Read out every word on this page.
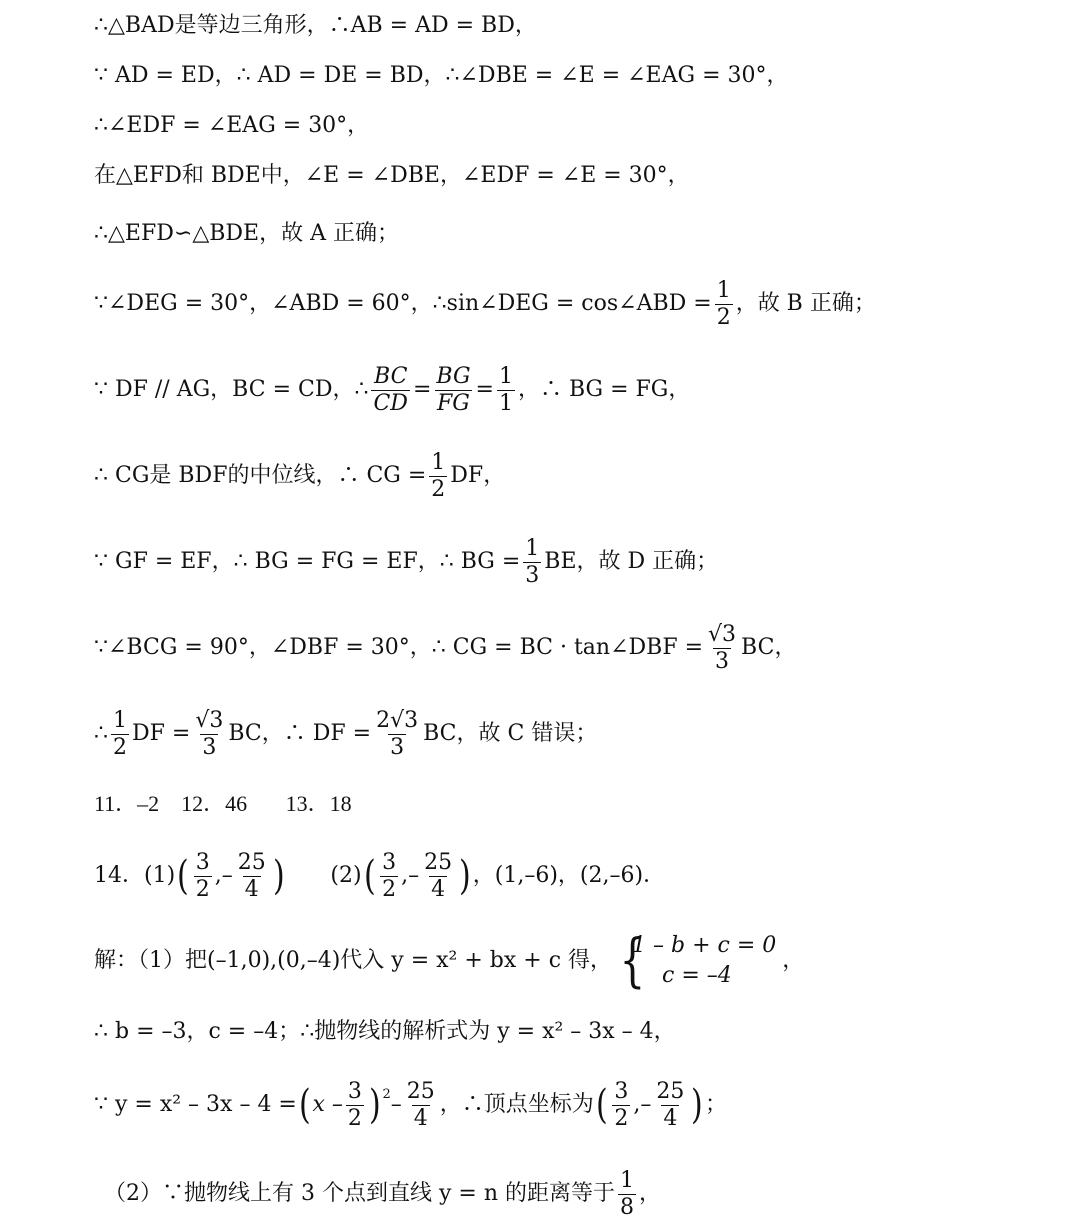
∴△BAD是等边三角形，∴AB = AD = BD，
∵ AD = ED，∴ AD = DE = BD，∴∠DBE = ∠E = ∠EAG = 30°，
∴∠EDF = ∠EAG = 30°，
在△EFD和 BDE中，∠E = ∠DBE，∠EDF = ∠E = 30°，
∴△EFD∽△BDE，故 A 正确；
∵∠DEG = 30°，∠ABD = 60°，∴sin∠DEG = cos∠ABD = $\frac{1}{2}$ ，故 B 正确；
∵ DF // AG，BC = CD，∴ $\frac{BC}{CD} = \frac{BG}{FG} = \frac{1}{1}$ ，∴ BG = FG，
∴ CG是 BDF的中位线，∴ CG = $\frac{1}{2}$ DF，
∵ GF = EF，∴ BG = FG = EF，∴ BG = $\frac{1}{3}$ BE，故 D 正确；
∵∠BCG = 90°，∠DBF = 30°，∴ CG = BC · tan∠DBF = $\frac{√3}{3}$ BC，
∴ $\frac{1}{2}$ DF = $\frac{√3}{3}$ BC，∴ DF = $\frac{2√3}{3}$ BC，故 C 错误；
11．–2    12．46       13．18
14．(1) ( $\frac{3}{2}$ ,– $\frac{25}{4}$ ) (2) ( $\frac{3}{2}$ ,– $\frac{25}{4}$ ) ，(1,–6)，(2,–6)．
解：（1）把(–1,0),(0,–4)代入 y = x² + bx + c 得，
{ 1 – b + c = 0
c = –4
，
∴ b = –3，c = –4；∴抛物线的解析式为 y = x² – 3x – 4，
∵ y = x² – 3x – 4 = ( x – $\frac{3}{2}$ ) $2 - \frac{25}{4}$ ，∴顶点坐标为 ( $\frac{3}{2}$ ,– $\frac{25}{4}$ ) ；
（2）∵抛物线上有 3 个点到直线 y = n 的距离等于 $\frac{1}{8}$ ，
